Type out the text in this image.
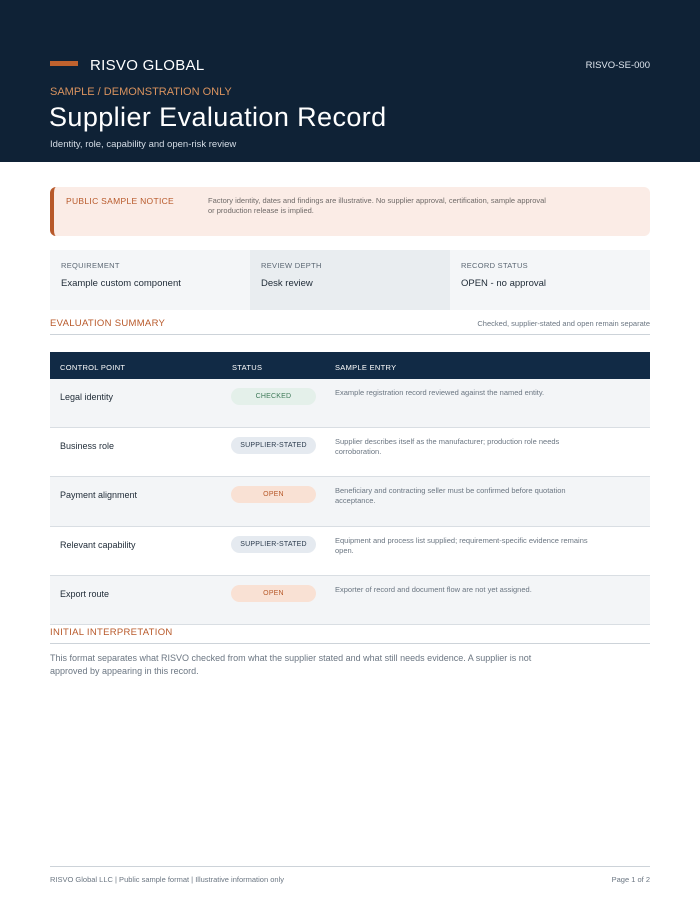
RISVO GLOBAL	RISVO-SE-000
SAMPLE / DEMONSTRATION ONLY
Supplier Evaluation Record
Identity, role, capability and open-risk review
PUBLIC SAMPLE NOTICE	Factory identity, dates and findings are illustrative. No supplier approval, certification, sample approval or production release is implied.
REQUIREMENT
Example custom component
REVIEW DEPTH
Desk review
RECORD STATUS
OPEN - no approval
EVALUATION SUMMARY	Checked, supplier-stated and open remain separate
CONTROL POINT	STATUS	SAMPLE ENTRY
Legal identity	CHECKED	Example registration record reviewed against the named entity.
Business role	SUPPLIER-STATED	Supplier describes itself as the manufacturer; production role needs corroboration.
Payment alignment	OPEN	Beneficiary and contracting seller must be confirmed before quotation acceptance.
Relevant capability	SUPPLIER-STATED	Equipment and process list supplied; requirement-specific evidence remains open.
Export route	OPEN	Exporter of record and document flow are not yet assigned.
INITIAL INTERPRETATION
This format separates what RISVO checked from what the supplier stated and what still needs evidence. A supplier is not approved by appearing in this record.
RISVO Global LLC | Public sample format | Illustrative information only	Page 1 of 2
